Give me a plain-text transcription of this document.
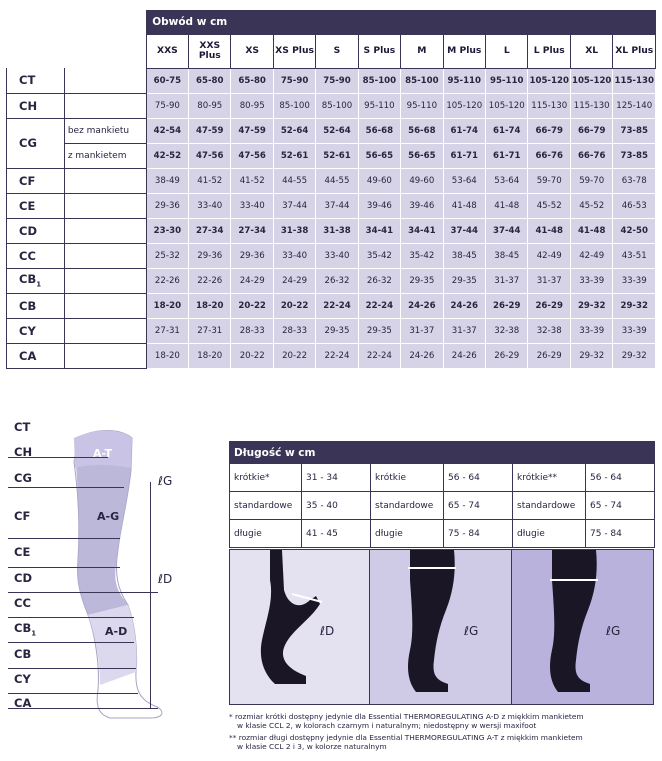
		Obwód w cm											
		XXS	XXS Plus	XS	XS Plus	S	S Plus	M	M Plus	L	L Plus	XL	XL Plus
CT		60-75	65-80	65-80	75-90	75-90	85-100	85-100	95-110	95-110	105-120	105-120	115-130
CH		75-90	80-95	80-95	85-100	85-100	95-110	95-110	105-120	105-120	115-130	115-130	125-140
CG	bez mankietu	42-54	47-59	47-59	52-64	52-64	56-68	56-68	61-74	61-74	66-79	66-79	73-85
	z mankietem	42-52	47-56	47-56	52-61	52-61	56-65	56-65	61-71	61-71	66-76	66-76	73-85
CF		38-49	41-52	41-52	44-55	44-55	49-60	49-60	53-64	53-64	59-70	59-70	63-78
CE		29-36	33-40	33-40	37-44	37-44	39-46	39-46	41-48	41-48	45-52	45-52	46-53
CD		23-30	27-34	27-34	31-38	31-38	34-41	34-41	37-44	37-44	41-48	41-48	42-50
CC		25-32	29-36	29-36	33-40	33-40	35-42	35-42	38-45	38-45	42-49	42-49	43-51
$CB_1$		22-26	22-26	24-29	24-29	26-32	26-32	29-35	29-35	31-37	31-37	33-39	33-39
CB		18-20	18-20	20-22	20-22	22-24	22-24	24-26	24-26	26-29	26-29	29-32	29-32
CY		27-31	27-31	28-33	28-33	29-35	29-35	31-37	31-37	32-38	32-38	33-39	33-39
CA		18-20	18-20	20-22	20-22	22-24	22-24	24-26	24-26	26-29	26-29	29-32	29-32
CT
CH
CG
CF
CE
CD
CC
$CB_1$
CB
CY
CA
A-T
A-G
A-D
ℓG
ℓD
Długość w cm					
krótkie*	31 - 34	krótkie	56 - 64	krótkie**	56 - 64
standardowe	35 - 40	standardowe	65 - 74	standardowe	65 - 74
długie	41 - 45	długie	75 - 84	długie	75 - 84
ℓD	ℓG	ℓG
* rozmiar krótki dostępny jedynie dla Essential THERMOREGULATING A-D z miękkim mankietem
w klasie CCL 2, w kolorach czarnym i naturalnym; niedostępny w wersji maxifoot
** rozmiar długi dostępny jedynie dla Essential THERMOREGULATING A-T z miękkim mankietem
w klasie CCL 2 i 3, w kolorze naturalnym
